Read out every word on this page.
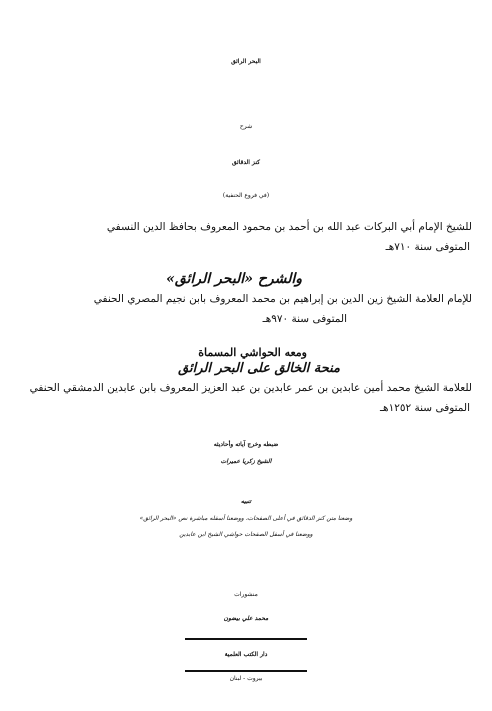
البحر الرائق
شرح
كنز الدقائق
(في فروع الحنفية)
للشيخ الإمام أبي البركات عبد الله بن أحمد بن محمود المعروف بحافظ الدين النسفي
المتوفى سنة ٧١٠هـ
والشرح «البحر الرائق»
للإمام العلامة الشيخ زين الدين بن إبراهيم بن محمد المعروف بابن نجيم المصري الحنفي
المتوفى سنة ٩٧٠هـ
ومعه الحواشي المسماة
منحة الخالق على البحر الرائق
للعلامة الشيخ محمد أمين عابدين بن عمر عابدين بن عبد العزيز المعروف بابن عابدين الدمشقي الحنفي
المتوفى سنة ١٢٥٢هـ
ضبطه وخرج آياته وأحاديثه
الشيخ زكريا عميرات
تنبيه
وضعنا متن كنز الدقائق في أعلى الصفحات، ووضعنا أسفله مباشرة نص «البحر الرائق»
ووضعنا في أسفل الصفحات حواشي الشيخ ابن عابدين
منشورات
محمد علي بيضون
دار الكتب العلمية
بيروت - لبنان
